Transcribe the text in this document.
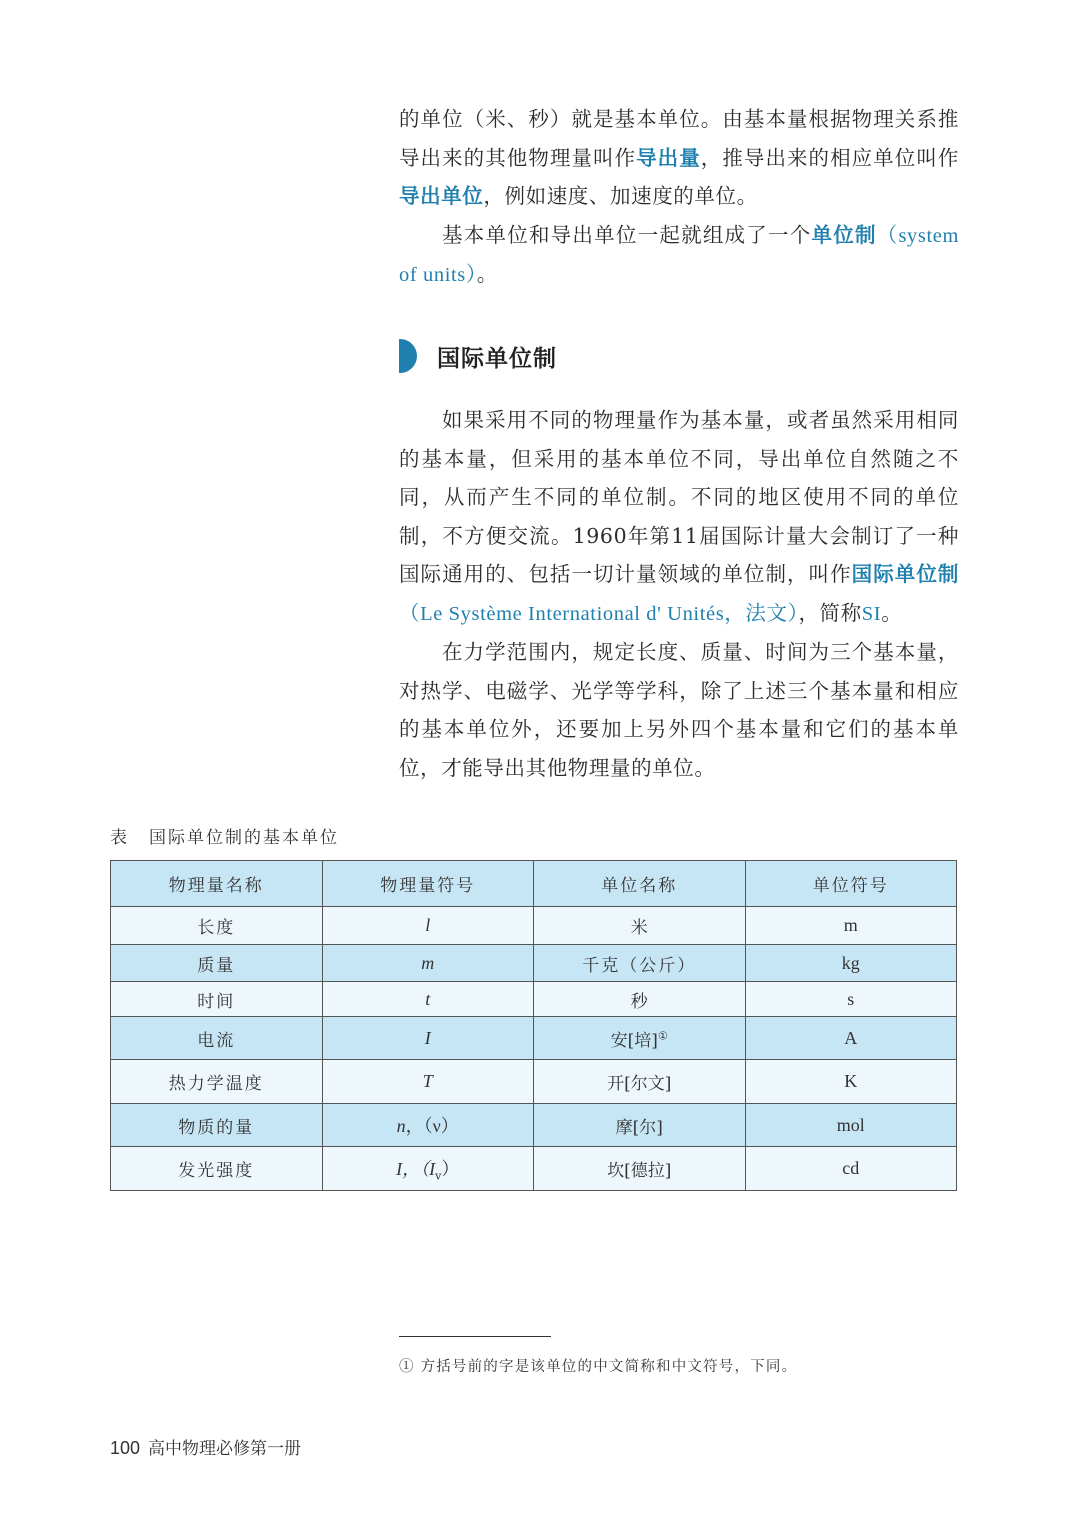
的单位（米、秒）就是基本单位。由基本量根据物理关系推导出来的其他物理量叫作导出量，推导出来的相应单位叫作导出单位，例如速度、加速度的单位。

基本单位和导出单位一起就组成了一个单位制（system of units）。

国际单位制

如果采用不同的物理量作为基本量，或者虽然采用相同的基本量，但采用的基本单位不同，导出单位自然随之不同，从而产生不同的单位制。不同的地区使用不同的单位制，不方便交流。1960年第11届国际计量大会制订了一种国际通用的、包括一切计量领域的单位制，叫作国际单位制（Le Système International d' Unités，法文），简称SI。

在力学范围内，规定长度、质量、时间为三个基本量，对热学、电磁学、光学等学科，除了上述三个基本量和相应的基本单位外，还要加上另外四个基本量和它们的基本单位，才能导出其他物理量的单位。

表 国际单位制的基本单位
物理量名称	物理量符号	单位名称	单位符号
长度	l	米	m
质量	m	千克（公斤）	kg
时间	t	秒	s
电流	I	安[培]①	A
热力学温度	T	开[尔文]	K
物质的量	n，（ν）	摩[尔]	mol
发光强度	I，$(I_v)$	坎[德拉]	cd
① 方括号前的字是该单位的中文简称和中文符号，下同。
100 高中物理必修第一册
